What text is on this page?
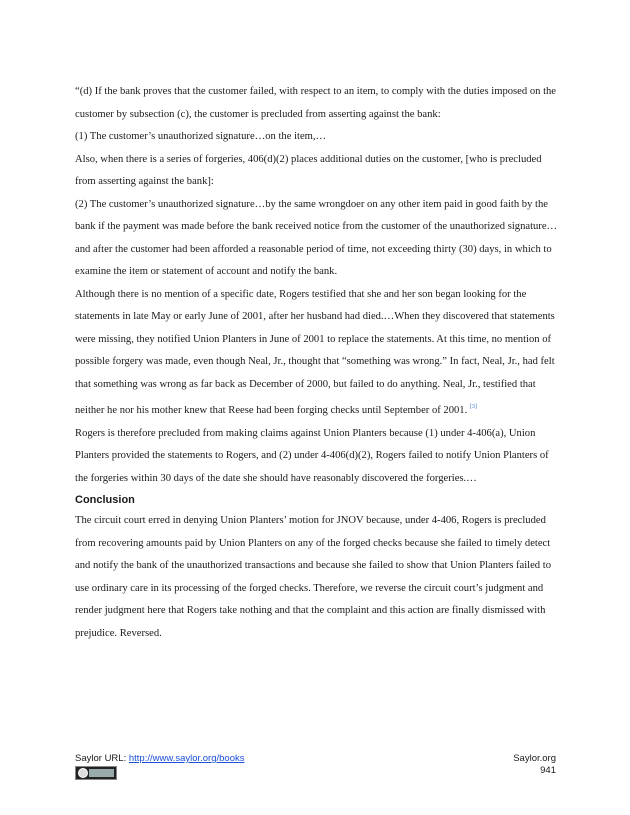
“(d) If the bank proves that the customer failed, with respect to an item, to comply with the duties imposed on the customer by subsection (c), the customer is precluded from asserting against the bank:

(1) The customer’s unauthorized signature…on the item,…

Also, when there is a series of forgeries, 406(d)(2) places additional duties on the customer, [who is precluded from asserting against the bank]:

(2) The customer’s unauthorized signature…by the same wrongdoer on any other item paid in good faith by the bank if the payment was made before the bank received notice from the customer of the unauthorized signature…and after the customer had been afforded a reasonable period of time, not exceeding thirty (30) days, in which to examine the item or statement of account and notify the bank.

Although there is no mention of a specific date, Rogers testified that she and her son began looking for the statements in late May or early June of 2001, after her husband had died.…When they discovered that statements were missing, they notified Union Planters in June of 2001 to replace the statements. At this time, no mention of possible forgery was made, even though Neal, Jr., thought that “something was wrong.” In fact, Neal, Jr., had felt that something was wrong as far back as December of 2000, but failed to do anything. Neal, Jr., testified that neither he nor his mother knew that Reese had been forging checks until September of 2001. [3]

Rogers is therefore precluded from making claims against Union Planters because (1) under 4-406(a), Union Planters provided the statements to Rogers, and (2) under 4-406(d)(2), Rogers failed to notify Union Planters of the forgeries within 30 days of the date she should have reasonably discovered the forgeries.…

Conclusion

The circuit court erred in denying Union Planters’ motion for JNOV because, under 4-406, Rogers is precluded from recovering amounts paid by Union Planters on any of the forged checks because she failed to timely detect and notify the bank of the unauthorized transactions and because she failed to show that Union Planters failed to use ordinary care in its processing of the forged checks. Therefore, we reverse the circuit court’s judgment and render judgment here that Rogers take nothing and that the complaint and this action are finally dismissed with prejudice. Reversed.

Saylor URL: http://www.saylor.org/books	Saylor.org
941
